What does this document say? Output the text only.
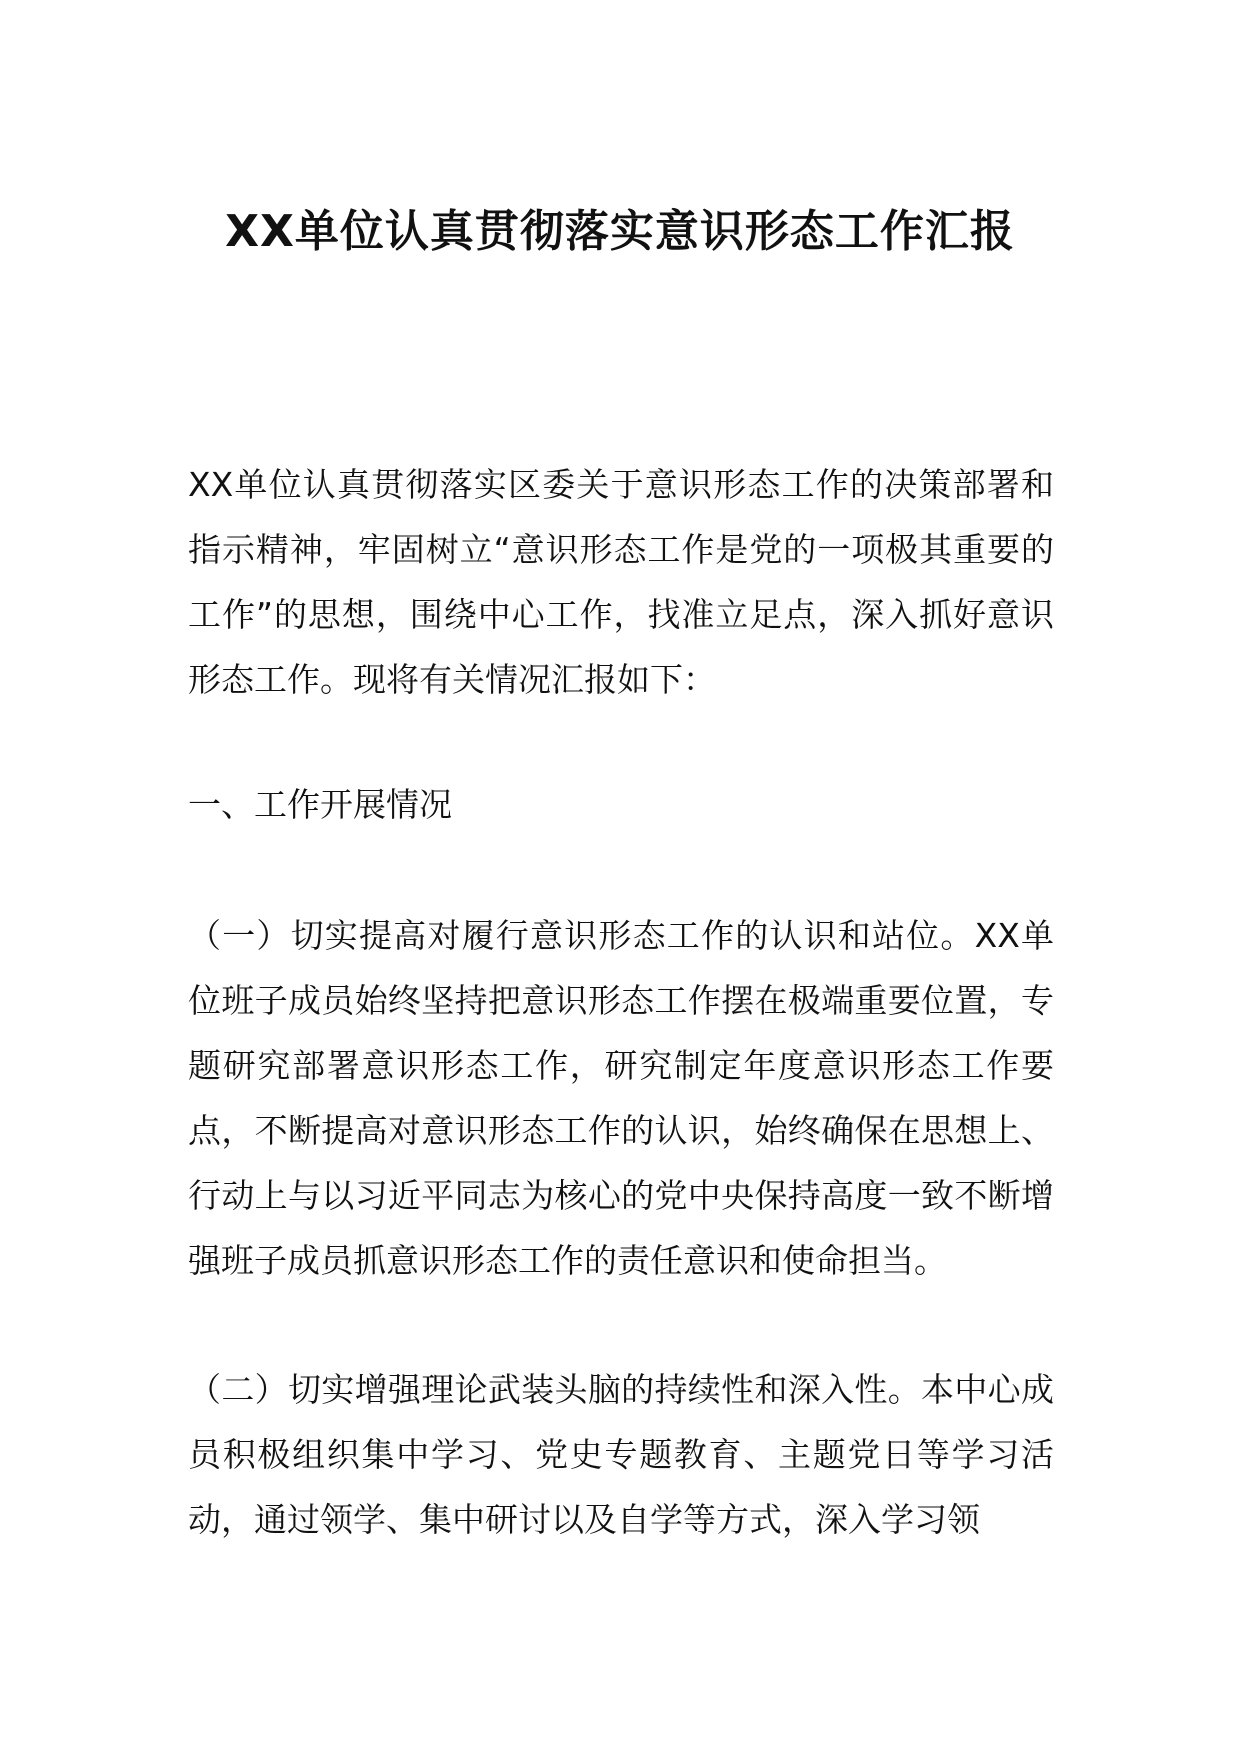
XX单位认真贯彻落实意识形态工作汇报

XX单位认真贯彻落实区委关于意识形态工作的决策部署和指示精神，牢固树立“意识形态工作是党的一项极其重要的工作”的思想，围绕中心工作，找准立足点，深入抓好意识形态工作。现将有关情况汇报如下：

一、工作开展情况

（一）切实提高对履行意识形态工作的认识和站位。XX单位班子成员始终坚持把意识形态工作摆在极端重要位置，专题研究部署意识形态工作，研究制定年度意识形态工作要点，不断提高对意识形态工作的认识，始终确保在思想上、行动上与以习近平同志为核心的党中央保持高度一致不断增强班子成员抓意识形态工作的责任意识和使命担当。

（二）切实增强理论武装头脑的持续性和深入性。本中心成员积极组织集中学习、党史专题教育、主题党日等学习活动，通过领学、集中研讨以及自学等方式，深入学习领
